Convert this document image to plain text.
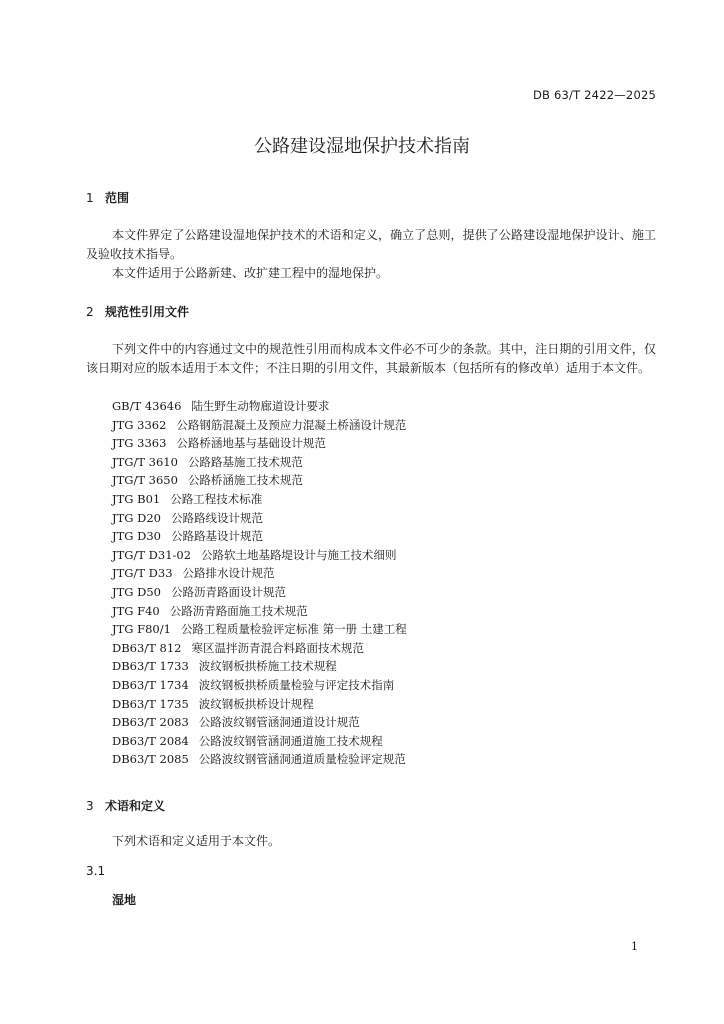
DB 63/T 2422—2025
公路建设湿地保护技术指南
1 范围

本文件界定了公路建设湿地保护技术的术语和定义，确立了总则，提供了公路建设湿地保护设计、施工及验收技术指导。

本文件适用于公路新建、改扩建工程中的湿地保护。

2 规范性引用文件

下列文件中的内容通过文中的规范性引用而构成本文件必不可少的条款。其中，注日期的引用文件，仅该日期对应的版本适用于本文件；不注日期的引用文件，其最新版本（包括所有的修改单）适用于本文件。

GB/T 43646 陆生野生动物廊道设计要求
JTG 3362 公路钢筋混凝土及预应力混凝土桥涵设计规范
JTG 3363 公路桥涵地基与基础设计规范
JTG/T 3610 公路路基施工技术规范
JTG/T 3650 公路桥涵施工技术规范
JTG B01 公路工程技术标准
JTG D20 公路路线设计规范
JTG D30 公路路基设计规范
JTG/T D31-02 公路软土地基路堤设计与施工技术细则
JTG/T D33 公路排水设计规范
JTG D50 公路沥青路面设计规范
JTG F40 公路沥青路面施工技术规范
JTG F80/1 公路工程质量检验评定标准 第一册 土建工程
DB63/T 812 寒区温拌沥青混合料路面技术规范
DB63/T 1733 波纹钢板拱桥施工技术规程
DB63/T 1734 波纹钢板拱桥质量检验与评定技术指南
DB63/T 1735 波纹钢板拱桥设计规程
DB63/T 2083 公路波纹钢管涵洞通道设计规范
DB63/T 2084 公路波纹钢管涵洞通道施工技术规程
DB63/T 2085 公路波纹钢管涵洞通道质量检验评定规范
3 术语和定义

下列术语和定义适用于本文件。

3.1
湿地
1
